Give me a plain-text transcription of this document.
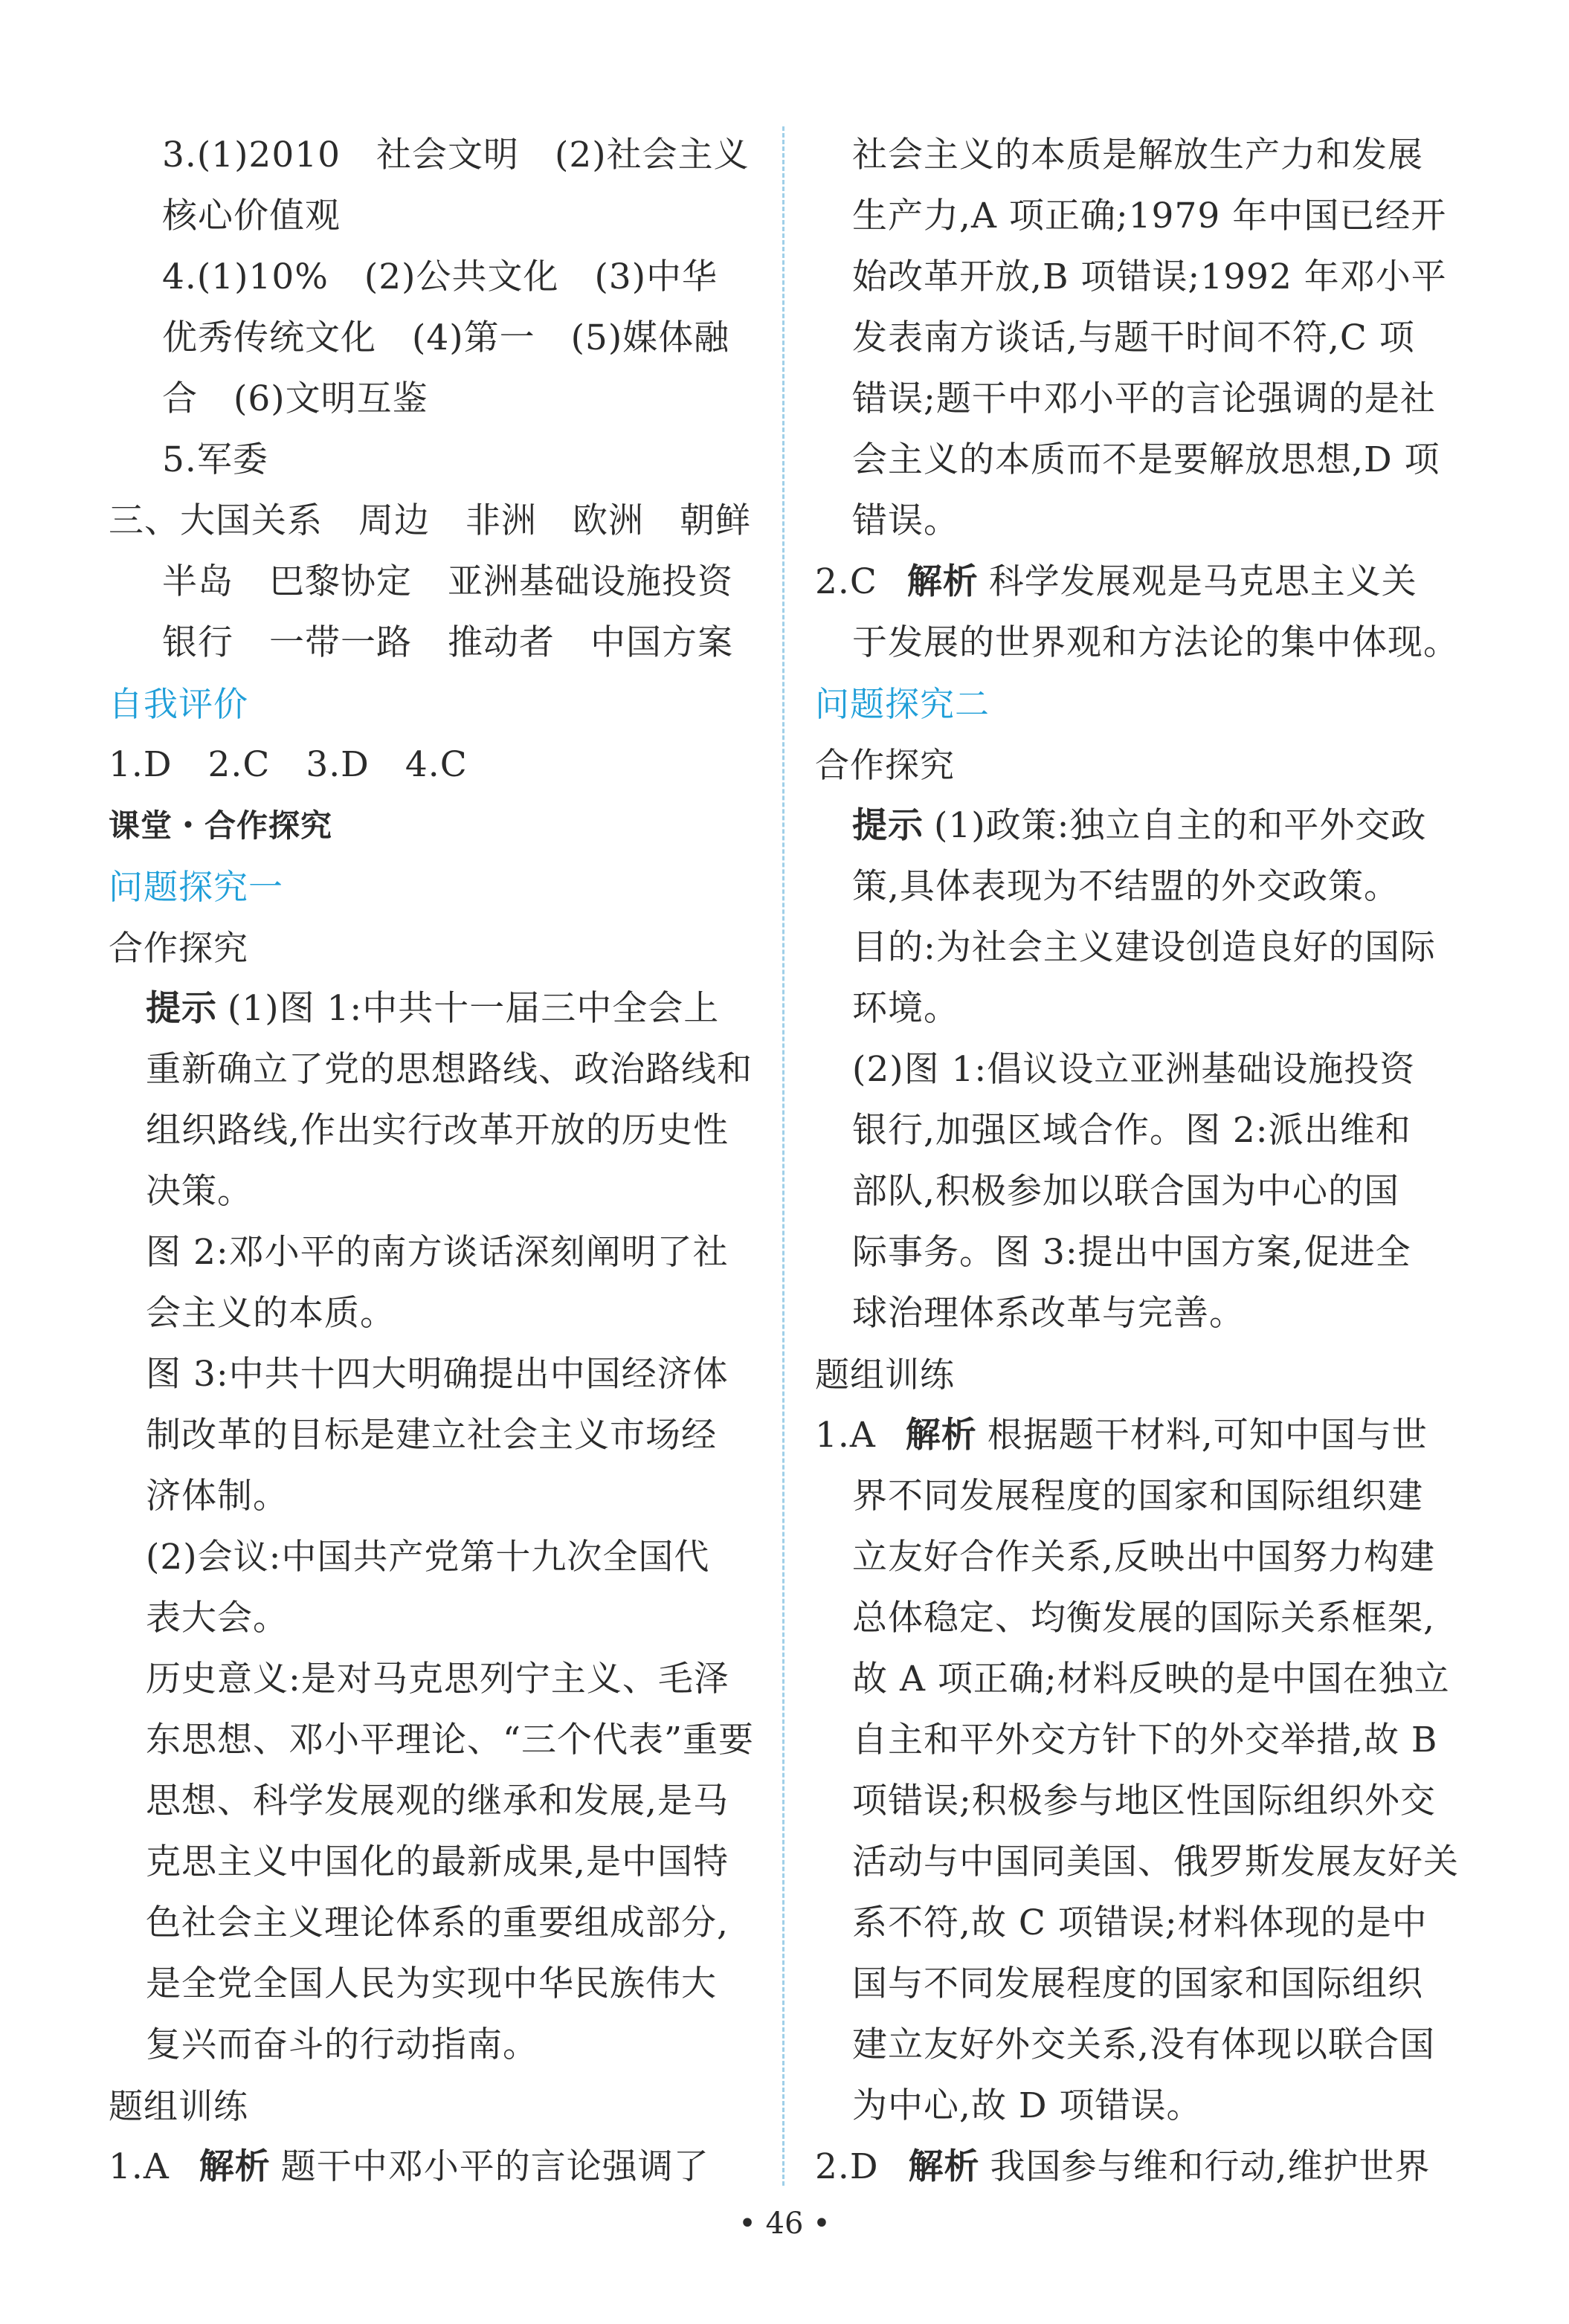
3.(1)2010　社会文明　(2)社会主义
核心价值观
4.(1)10%　(2)公共文化　(3)中华
优秀传统文化　(4)第一　(5)媒体融
合　(6)文明互鉴
5.军委
三、大国关系　周边　非洲　欧洲　朝鲜
半岛　巴黎协定　亚洲基础设施投资
银行　一带一路　推动者　中国方案
自我评价
1.D　2.C　3.D　4.C
课堂・合作探究
问题探究一
合作探究
提示 (1)图 1:中共十一届三中全会上
重新确立了党的思想路线、政治路线和
组织路线,作出实行改革开放的历史性
决策。
图 2:邓小平的南方谈话深刻阐明了社
会主义的本质。
图 3:中共十四大明确提出中国经济体
制改革的目标是建立社会主义市场经
济体制。
(2)会议:中国共产党第十九次全国代
表大会。
历史意义:是对马克思列宁主义、毛泽
东思想、邓小平理论、“三个代表”重要
思想、科学发展观的继承和发展,是马
克思主义中国化的最新成果,是中国特
色社会主义理论体系的重要组成部分,
是全党全国人民为实现中华民族伟大
复兴而奋斗的行动指南。
题组训练
1.A 解析 题干中邓小平的言论强调了
社会主义的本质是解放生产力和发展
生产力,A 项正确;1979 年中国已经开
始改革开放,B 项错误;1992 年邓小平
发表南方谈话,与题干时间不符,C 项
错误;题干中邓小平的言论强调的是社
会主义的本质而不是要解放思想,D 项
错误。
2.C 解析 科学发展观是马克思主义关
于发展的世界观和方法论的集中体现。
问题探究二
合作探究
提示 (1)政策:独立自主的和平外交政
策,具体表现为不结盟的外交政策。
目的:为社会主义建设创造良好的国际
环境。
(2)图 1:倡议设立亚洲基础设施投资
银行,加强区域合作。图 2:派出维和
部队,积极参加以联合国为中心的国
际事务。图 3:提出中国方案,促进全
球治理体系改革与完善。
题组训练
1.A 解析 根据题干材料,可知中国与世
界不同发展程度的国家和国际组织建
立友好合作关系,反映出中国努力构建
总体稳定、均衡发展的国际关系框架,
故 A 项正确;材料反映的是中国在独立
自主和平外交方针下的外交举措,故 B
项错误;积极参与地区性国际组织外交
活动与中国同美国、俄罗斯发展友好关
系不符,故 C 项错误;材料体现的是中
国与不同发展程度的国家和国际组织
建立友好外交关系,没有体现以联合国
为中心,故 D 项错误。
2.D 解析 我国参与维和行动,维护世界
• 46 •
